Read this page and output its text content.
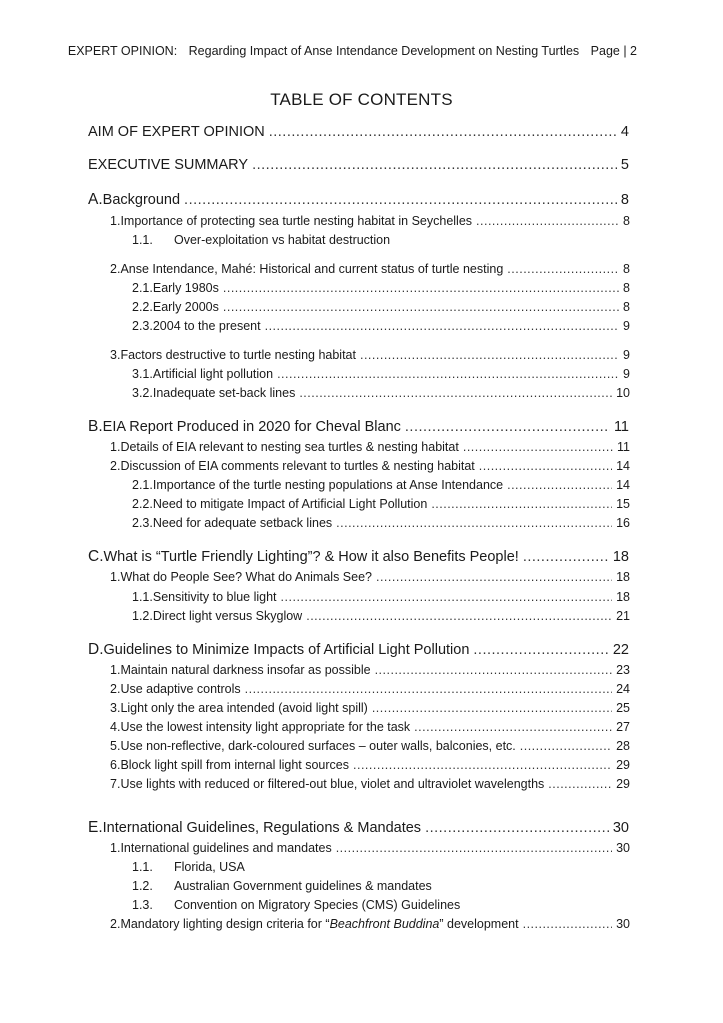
EXPERT OPINION: Regarding Impact of Anse Intendance Development on Nesting Turtles Page | 2
TABLE OF CONTENTS
AIM OF EXPERT OPINION .....	4
EXECUTIVE SUMMARY .....	5
A. Background .....	8
1. Importance of protecting sea turtle nesting habitat in Seychelles .....	8
1.1.	Over-exploitation vs habitat destruction
2. Anse Intendance, Mahé: Historical and current status of turtle nesting .....	8
2.1. Early 1980s .....	8
2.2. Early 2000s .....	8
2.3. 2004 to the present .....	9
3. Factors destructive to turtle nesting habitat .....	9
3.1. Artificial light pollution .....	9
3.2. Inadequate set-back lines .....	10
B. EIA Report Produced in 2020 for Cheval Blanc .....	11
1. Details of EIA relevant to nesting sea turtles & nesting habitat .....	11
2. Discussion of EIA comments relevant to turtles & nesting habitat .....	14
2.1. Importance of the turtle nesting populations at Anse Intendance .....	14
2.2. Need to mitigate Impact of Artificial Light Pollution .....	15
2.3. Need for adequate setback lines .....	16
C. What is “Turtle Friendly Lighting”? & How it also Benefits People! .....	18
1. What do People See? What do Animals See? .....	18
1.1. Sensitivity to blue light .....	18
1.2. Direct light versus Skyglow .....	21
D. Guidelines to Minimize Impacts of Artificial Light Pollution .....	22
1. Maintain natural darkness insofar as possible .....	23
2. Use adaptive controls .....	24
3. Light only the area intended (avoid light spill) .....	25
4. Use the lowest intensity light appropriate for the task .....	27
5. Use non-reflective, dark-coloured surfaces – outer walls, balconies, etc. .....	28
6. Block light spill from internal light sources .....	29
7. Use lights with reduced or filtered-out blue, violet and ultraviolet wavelengths .....	29
E. International Guidelines, Regulations & Mandates .....	30
1. International guidelines and mandates .....	30
1.1.	Florida, USA
1.2.	Australian Government guidelines & mandates
1.3.	Convention on Migratory Species (CMS) Guidelines
2. Mandatory lighting design criteria for “Beachfront Buddina” development .....	30
